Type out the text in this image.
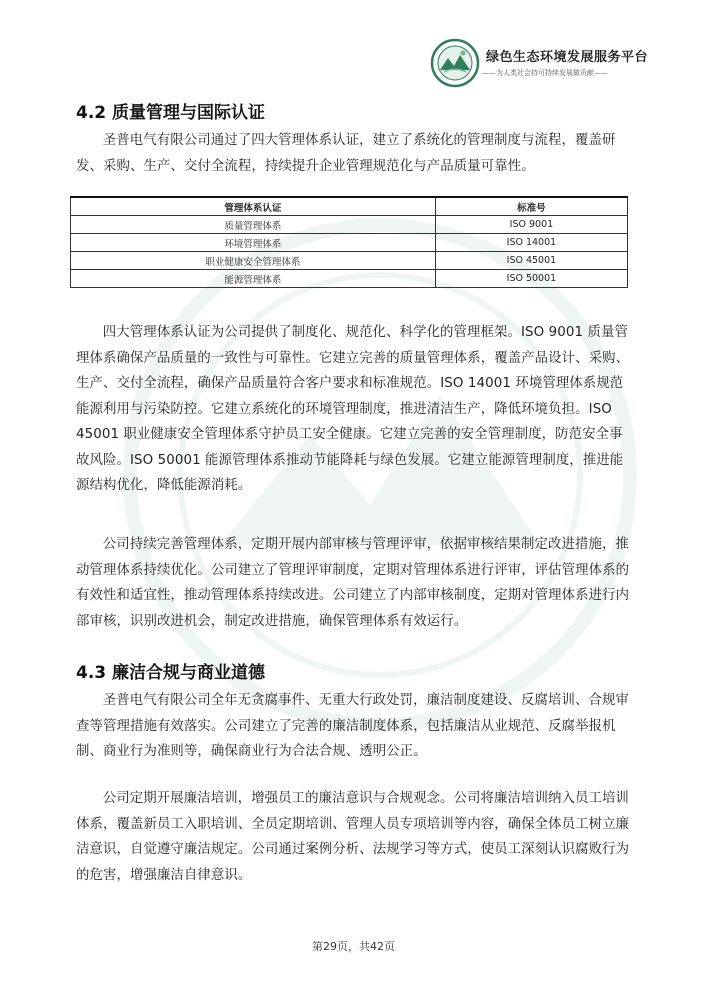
绿色生态环境发展服务平台
——为人类社会持可持续发展做贡献——
4.2 质量管理与国际认证

圣普电气有限公司通过了四大管理体系认证，建立了系统化的管理制度与流程，覆盖研发、采购、生产、交付全流程，持续提升企业管理规范化与产品质量可靠性。

管理体系认证	标准号
质量管理体系	ISO 9001
环境管理体系	ISO 14001
职业健康安全管理体系	ISO 45001
能源管理体系	ISO 50001

四大管理体系认证为公司提供了制度化、规范化、科学化的管理框架。ISO 9001 质量管理体系确保产品质量的一致性与可靠性。它建立完善的质量管理体系，覆盖产品设计、采购、生产、交付全流程，确保产品质量符合客户要求和标准规范。ISO 14001 环境管理体系规范能源利用与污染防控。它建立系统化的环境管理制度，推进清洁生产，降低环境负担。ISO 45001 职业健康安全管理体系守护员工安全健康。它建立完善的安全管理制度，防范安全事故风险。ISO 50001 能源管理体系推动节能降耗与绿色发展。它建立能源管理制度，推进能源结构优化，降低能源消耗。

公司持续完善管理体系，定期开展内部审核与管理评审，依据审核结果制定改进措施，推动管理体系持续优化。公司建立了管理评审制度，定期对管理体系进行评审，评估管理体系的有效性和适宜性，推动管理体系持续改进。公司建立了内部审核制度，定期对管理体系进行内部审核，识别改进机会，制定改进措施，确保管理体系有效运行。

4.3 廉洁合规与商业道德

圣普电气有限公司全年无贪腐事件、无重大行政处罚，廉洁制度建设、反腐培训、合规审查等管理措施有效落实。公司建立了完善的廉洁制度体系，包括廉洁从业规范、反腐举报机制、商业行为准则等，确保商业行为合法合规、透明公正。

公司定期开展廉洁培训，增强员工的廉洁意识与合规观念。公司将廉洁培训纳入员工培训体系，覆盖新员工入职培训、全员定期培训、管理人员专项培训等内容，确保全体员工树立廉洁意识，自觉遵守廉洁规定。公司通过案例分析、法规学习等方式，使员工深刻认识腐败行为的危害，增强廉洁自律意识。

第29页，共42页
